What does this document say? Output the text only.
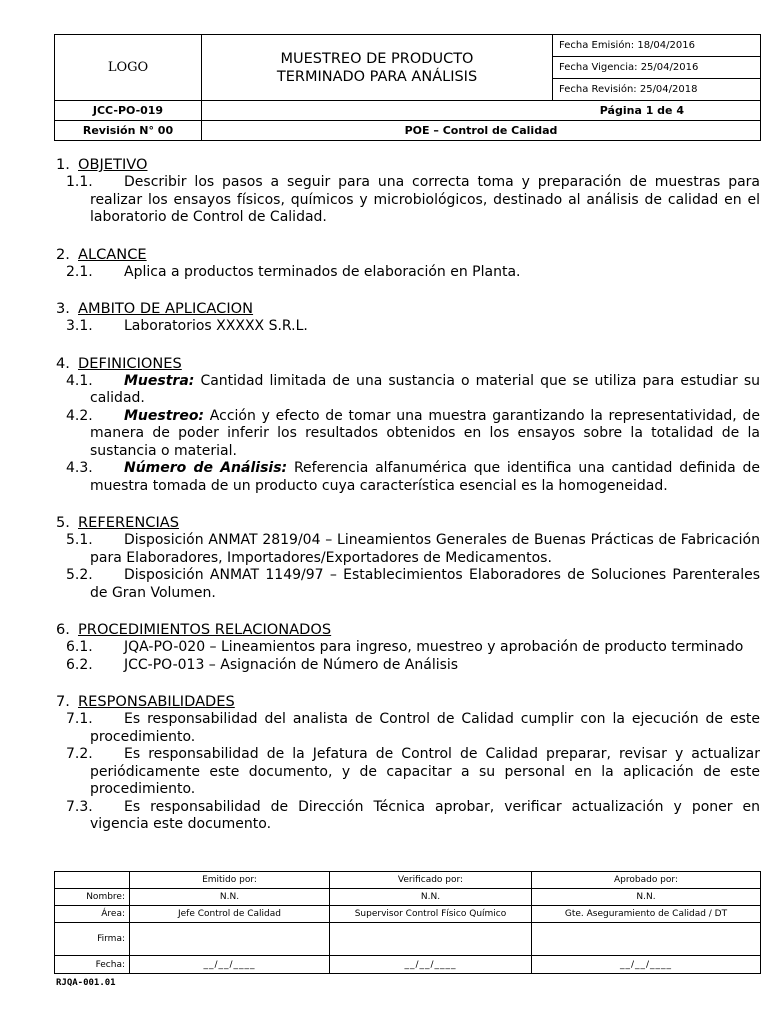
LOGO	MUESTREO DE PRODUCTO
TERMINADO PARA ANÁLISIS	Fecha Emisión: 18/04/2016
		Fecha Vigencia: 25/04/2016
		Fecha Revisión: 25/04/2018
JCC-PO-019	Página 1 de 4	
Revisión N° 00	POE – Control de Calidad	
1. OBJETIVO

1.1. Describir los pasos a seguir para una correcta toma y preparación de muestras para realizar los ensayos físicos, químicos y microbiológicos, destinado al análisis de calidad en el laboratorio de Control de Calidad.

2. ALCANCE

2.1. Aplica a productos terminados de elaboración en Planta.

3. AMBITO DE APLICACION

3.1. Laboratorios XXXXX S.R.L.

4. DEFINICIONES

4.1. Muestra: Cantidad limitada de una sustancia o material que se utiliza para estudiar su calidad.

4.2. Muestreo: Acción y efecto de tomar una muestra garantizando la representatividad, de manera de poder inferir los resultados obtenidos en los ensayos sobre la totalidad de la sustancia o material.

4.3. Número de Análisis: Referencia alfanumérica que identifica una cantidad definida de muestra tomada de un producto cuya característica esencial es la homogeneidad.

5. REFERENCIAS

5.1. Disposición ANMAT 2819/04 – Lineamientos Generales de Buenas Prácticas de Fabricación para Elaboradores, Importadores/Exportadores de Medicamentos.

5.2. Disposición ANMAT 1149/97 – Establecimientos Elaboradores de Soluciones Parenterales de Gran Volumen.

6. PROCEDIMIENTOS RELACIONADOS

6.1. JQA-PO-020 – Lineamientos para ingreso, muestreo y aprobación de producto terminado

6.2. JCC-PO-013 – Asignación de Número de Análisis

7. RESPONSABILIDADES

7.1. Es responsabilidad del analista de Control de Calidad cumplir con la ejecución de este procedimiento.

7.2. Es responsabilidad de la Jefatura de Control de Calidad preparar, revisar y actualizar periódicamente este documento, y de capacitar a su personal en la aplicación de este procedimiento.

7.3. Es responsabilidad de Dirección Técnica aprobar, verificar actualización y poner en vigencia este documento.

	Emitido por:	Verificado por:	Aprobado por:
Nombre:	N.N.	N.N.	N.N.
Área:	Jefe Control de Calidad	Supervisor Control Físico Químico	Gte. Aseguramiento de Calidad / DT
Firma:			
Fecha:	__/__/____	__/__/____	__/__/____
RJQA-001.01
